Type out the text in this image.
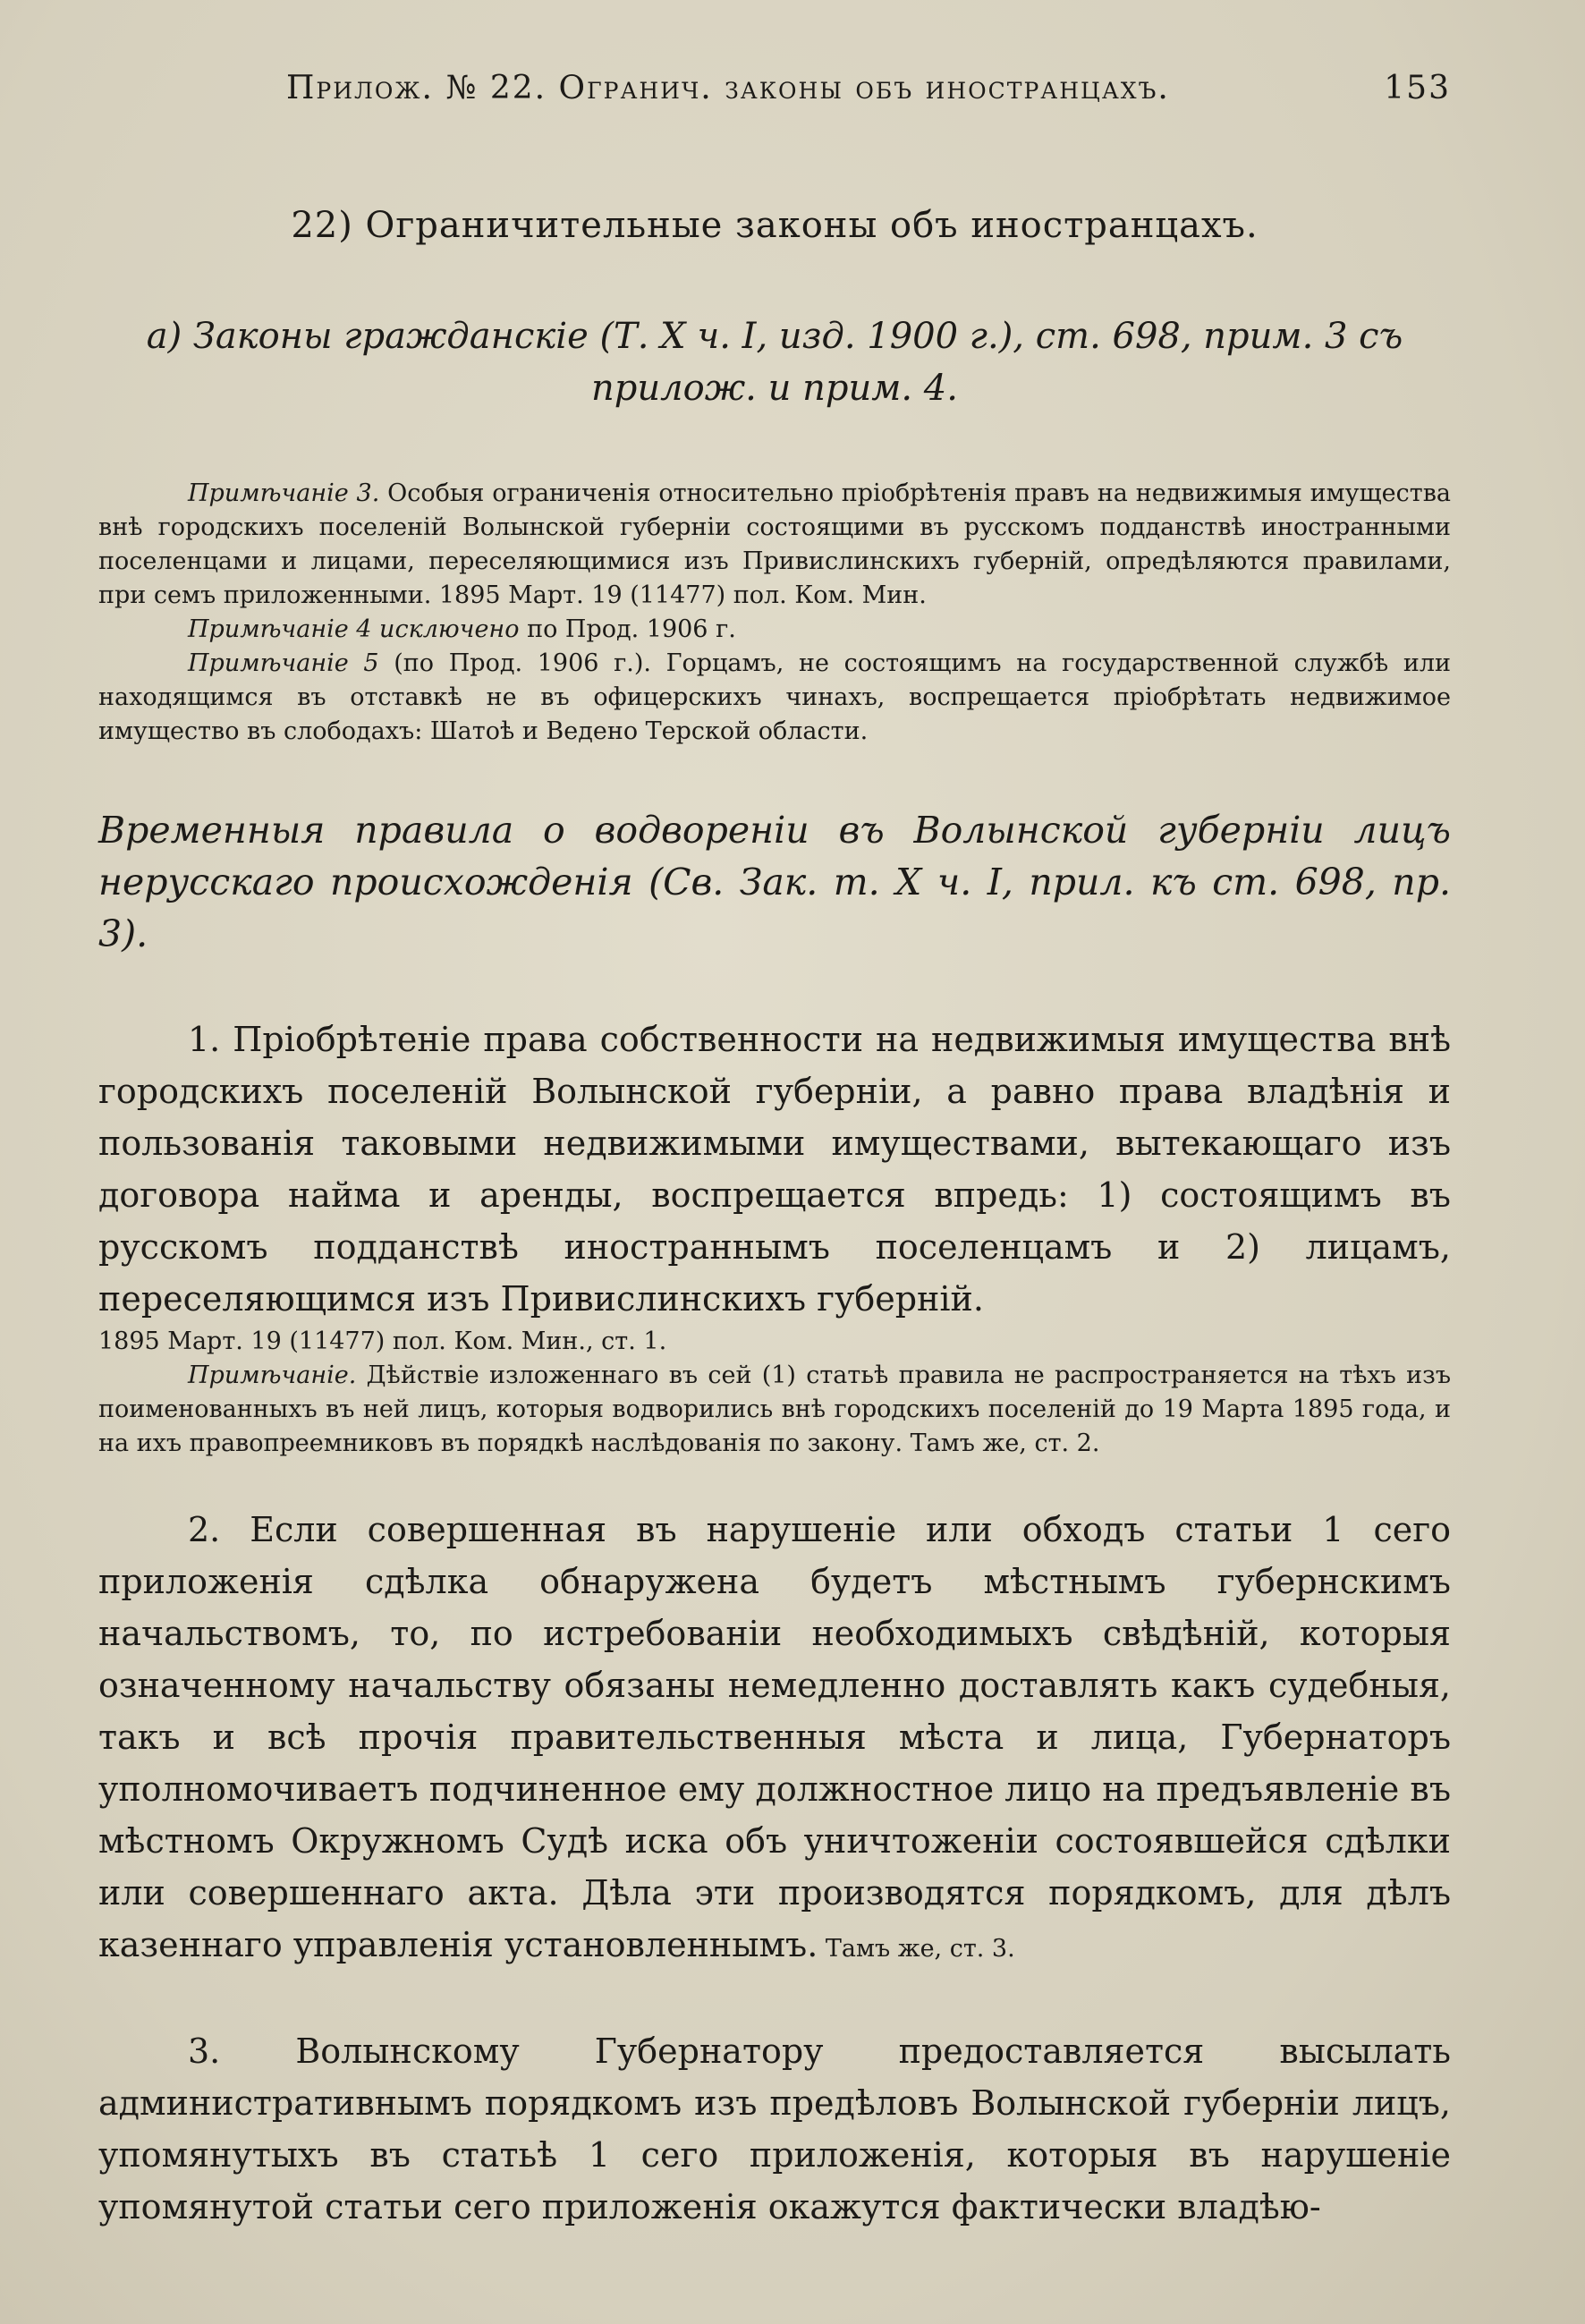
Прилож. № 22. Огранич. законы объ иностранцахъ.	153
22) Ограничительные законы объ иностранцахъ.
а) Законы гражданскіе (Т. X ч. I, изд. 1900 г.), ст. 698, прим. 3 съ прилож. и прим. 4.

Примѣчаніе 3. Особыя ограниченія относительно пріобрѣтенія правъ на недвижимыя имущества внѣ городскихъ поселеній Волынской губерніи состоящими въ русскомъ подданствѣ иностранными поселенцами и лицами, переселяющимися изъ Привислинскихъ губерній, опредѣляются правилами, при семъ приложенными. 1895 Март. 19 (11477) пол. Ком. Мин.

Примѣчаніе 4 исключено по Прод. 1906 г.

Примѣчаніе 5 (по Прод. 1906 г.). Горцамъ, не состоящимъ на государственной службѣ или находящимся въ отставкѣ не въ офицерскихъ чинахъ, воспрещается пріобрѣтать недвижимое имущество въ слободахъ: Шатоѣ и Ведено Терской области.

Временныя правила о водвореніи въ Волынской губерніи лицъ нерусскаго происхожденія (Св. Зак. т. X ч. I, прил. къ ст. 698, пр. 3).

1. Пріобрѣтеніе права собственности на недвижимыя имущества внѣ городскихъ поселеній Волынской губерніи, а равно права владѣнія и пользованія таковыми недвижимыми имуществами, вытекающаго изъ договора найма и аренды, воспрещается впредь: 1) состоящимъ въ русскомъ подданствѣ иностраннымъ поселенцамъ и 2) лицамъ, переселяющимся изъ Привислинскихъ губерній.

1895 Март. 19 (11477) пол. Ком. Мин., ст. 1.

Примѣчаніе. Дѣйствіе изложеннаго въ сей (1) статьѣ правила не распространяется на тѣхъ изъ поименованныхъ въ ней лицъ, которыя водворились внѣ городскихъ поселеній до 19 Марта 1895 года, и на ихъ правопреемниковъ въ порядкѣ наслѣдованія по закону. Тамъ же, ст. 2.

2. Если совершенная въ нарушеніе или обходъ статьи 1 сего приложенія сдѣлка обнаружена будетъ мѣстнымъ губернскимъ начальствомъ, то, по истребованіи необходимыхъ свѣдѣній, которыя означенному начальству обязаны немедленно доставлять какъ судебныя, такъ и всѣ прочія правительственныя мѣста и лица, Губернаторъ уполномочиваетъ подчиненное ему должностное лицо на предъявленіе въ мѣстномъ Окружномъ Судѣ иска объ уничтоженіи состоявшейся сдѣлки или совершеннаго акта. Дѣла эти производятся порядкомъ, для дѣлъ казеннаго управленія установленнымъ. Тамъ же, ст. 3.

3. Волынскому Губернатору предоставляется высылать административнымъ порядкомъ изъ предѣловъ Волынской губерніи лицъ, упомянутыхъ въ статьѣ 1 сего приложенія, которыя въ нарушеніе упомянутой статьи сего приложенія окажутся фактически владѣю-
